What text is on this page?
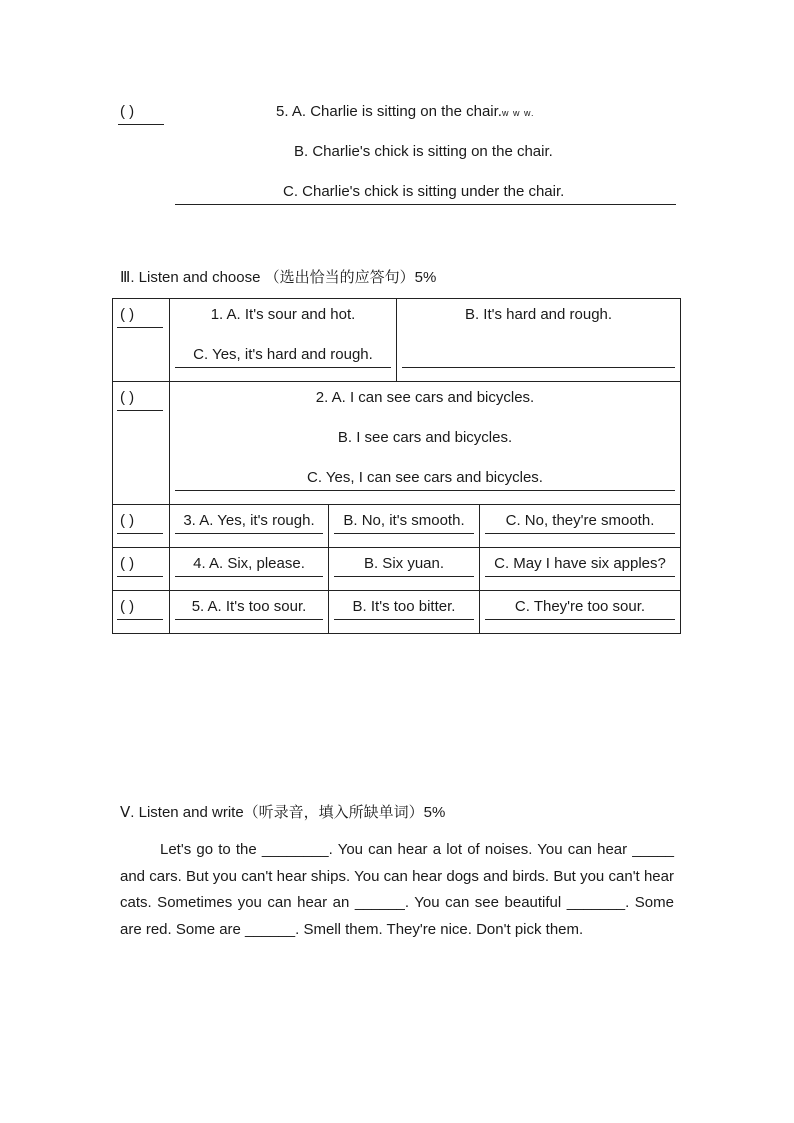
( )	5. A. Charlie is sitting on the chair.w w w.
B. Charlie's chick is sitting on the chair.
C. Charlie's chick is sitting under the chair.
Ⅲ. Listen and choose （选出恰当的应答句）5%
( )	1. A. It's sour and hot.
C. Yes, it's hard and rough.
B. It's hard and rough.
( )	2. A. I can see cars and bicycles.
B. I see cars and bicycles.
C. Yes, I can see cars and bicycles.
( )	3. A. Yes, it's rough.	B. No, it's smooth.	C. No, they're smooth.
( )	4. A. Six, please.	B. Six yuan.	C. May I have six apples?
( )	5. A. It's too sour.	B. It's too bitter.	C. They're too sour.
Ⅴ. Listen and write（听录音，填入所缺单词）5%

Let's go to the ________. You can hear a lot of noises. You can hear _____ and cars. But you can't hear ships. You can hear dogs and birds. But you can't hear cats. Sometimes you can hear an ______. You can see beautiful _______. Some are red. Some are ______. Smell them. They're nice. Don't pick them.
